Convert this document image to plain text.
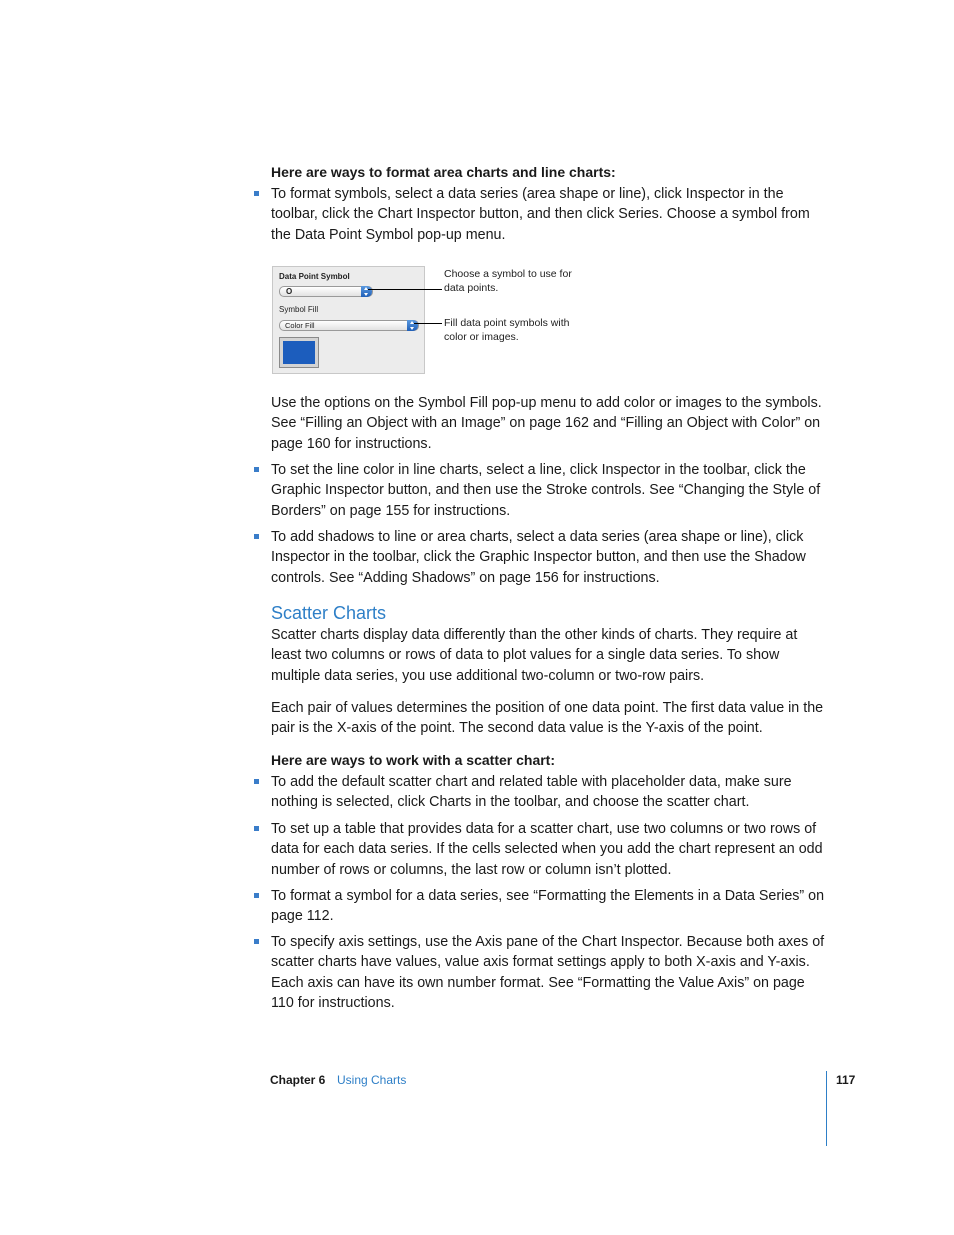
Here are ways to format area charts and line charts:
To format symbols, select a data series (area shape or line), click Inspector in the toolbar, click the Chart Inspector button, and then click Series. Choose a symbol from the Data Point Symbol pop-up menu.
Data Point Symbol
O
Symbol Fill
Color Fill
Choose a symbol to use for data points.
Fill data point symbols with color or images.
Use the options on the Symbol Fill pop-up menu to add color or images to the symbols. See “Filling an Object with an Image” on page 162 and “Filling an Object with Color” on page 160 for instructions.
To set the line color in line charts, select a line, click Inspector in the toolbar, click the Graphic Inspector button, and then use the Stroke controls. See “Changing the Style of Borders” on page 155 for instructions.
To add shadows to line or area charts, select a data series (area shape or line), click Inspector in the toolbar, click the Graphic Inspector button, and then use the Shadow controls. See “Adding Shadows” on page 156 for instructions.
Scatter Charts
Scatter charts display data differently than the other kinds of charts. They require at least two columns or rows of data to plot values for a single data series. To show multiple data series, you use additional two-column or two-row pairs.
Each pair of values determines the position of one data point. The first data value in the pair is the X-axis of the point. The second data value is the Y-axis of the point.
Here are ways to work with a scatter chart:
To add the default scatter chart and related table with placeholder data, make sure nothing is selected, click Charts in the toolbar, and choose the scatter chart.
To set up a table that provides data for a scatter chart, use two columns or two rows of data for each data series. If the cells selected when you add the chart represent an odd number of rows or columns, the last row or column isn’t plotted.
To format a symbol for a data series, see “Formatting the Elements in a Data Series” on page 112.
To specify axis settings, use the Axis pane of the Chart Inspector. Because both axes of scatter charts have values, value axis format settings apply to both X-axis and Y-axis. Each axis can have its own number format. See “Formatting the Value Axis” on page 110 for instructions.
Chapter 6 Using Charts	117
